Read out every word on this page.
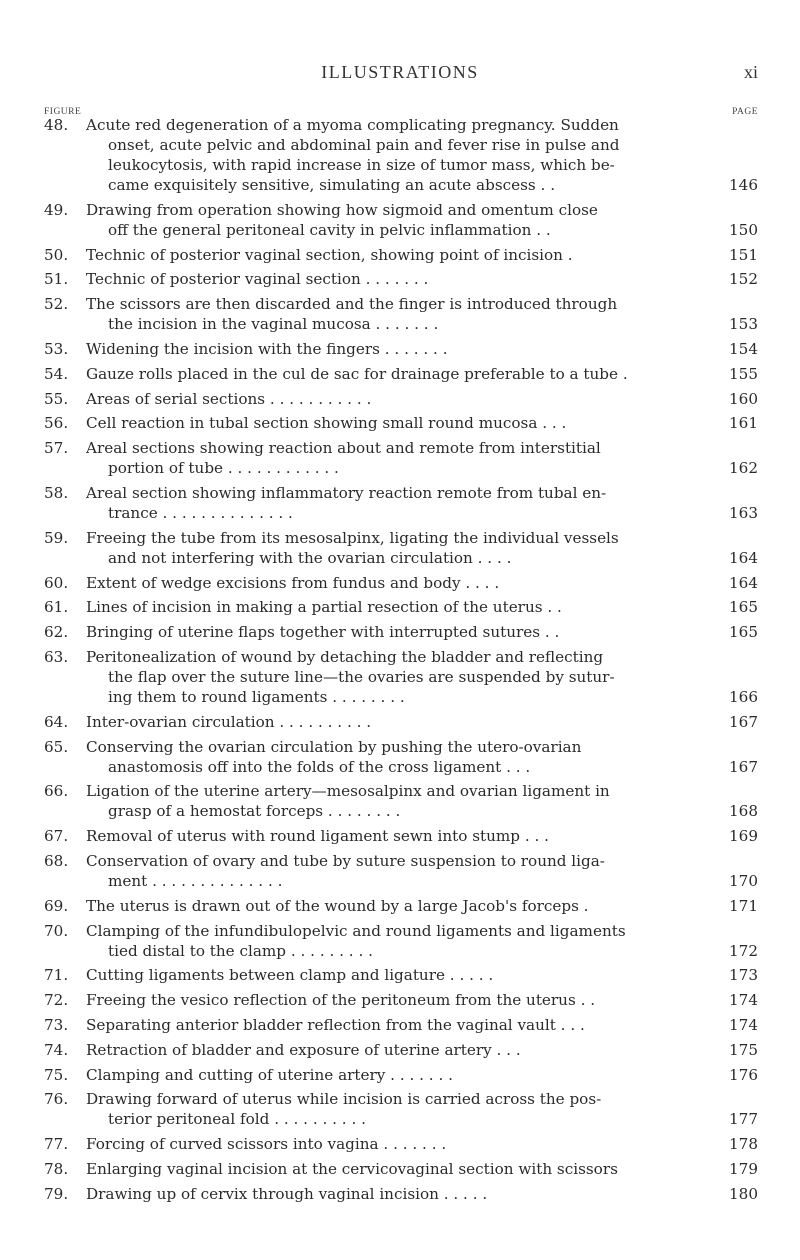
ILLUSTRATIONS	xi
FIGURE	PAGE
48.	Acute red degeneration of a myoma complicating pregnancy. Sudden
onset, acute pelvic and abdominal pain and fever rise in pulse and
leukocytosis, with rapid increase in size of tumor mass, which be-
came exquisitely sensitive, simulating an acute abscess . .	146
49.	Drawing from operation showing how sigmoid and omentum close
off the general peritoneal cavity in pelvic inflammation . .	150
50.	Technic of posterior vaginal section, showing point of incision .	151
51.	Technic of posterior vaginal section . . . . . . .	152
52.	The scissors are then discarded and the finger is introduced through
the incision in the vaginal mucosa . . . . . . .	153
53.	Widening the incision with the fingers . . . . . . .	154
54.	Gauze rolls placed in the cul de sac for drainage preferable to a tube .	155
55.	Areas of serial sections . . . . . . . . . . .	160
56.	Cell reaction in tubal section showing small round mucosa . . .	161
57.	Areal sections showing reaction about and remote from interstitial
portion of tube . . . . . . . . . . . .	162
58.	Areal section showing inflammatory reaction remote from tubal en-
trance . . . . . . . . . . . . . .	163
59.	Freeing the tube from its mesosalpinx, ligating the individual vessels
and not interfering with the ovarian circulation . . . .	164
60.	Extent of wedge excisions from fundus and body . . . .	164
61.	Lines of incision in making a partial resection of the uterus . .	165
62.	Bringing of uterine flaps together with interrupted sutures . .	165
63.	Peritonealization of wound by detaching the bladder and reflecting
the flap over the suture line—the ovaries are suspended by sutur-
ing them to round ligaments . . . . . . . .	166
64.	Inter-ovarian circulation . . . . . . . . . .	167
65.	Conserving the ovarian circulation by pushing the utero-ovarian
anastomosis off into the folds of the cross ligament . . .	167
66.	Ligation of the uterine artery—mesosalpinx and ovarian ligament in
grasp of a hemostat forceps . . . . . . . .	168
67.	Removal of uterus with round ligament sewn into stump . . .	169
68.	Conservation of ovary and tube by suture suspension to round liga-
ment . . . . . . . . . . . . . .	170
69.	The uterus is drawn out of the wound by a large Jacob's forceps .	171
70.	Clamping of the infundibulopelvic and round ligaments and ligaments
tied distal to the clamp . . . . . . . . .	172
71.	Cutting ligaments between clamp and ligature . . . . .	173
72.	Freeing the vesico reflection of the peritoneum from the uterus . .	174
73.	Separating anterior bladder reflection from the vaginal vault . . .	174
74.	Retraction of bladder and exposure of uterine artery . . .	175
75.	Clamping and cutting of uterine artery . . . . . . .	176
76.	Drawing forward of uterus while incision is carried across the pos-
terior peritoneal fold . . . . . . . . . .	177
77.	Forcing of curved scissors into vagina . . . . . . .	178
78.	Enlarging vaginal incision at the cervicovaginal section with scissors	179
79.	Drawing up of cervix through vaginal incision . . . . .	180
